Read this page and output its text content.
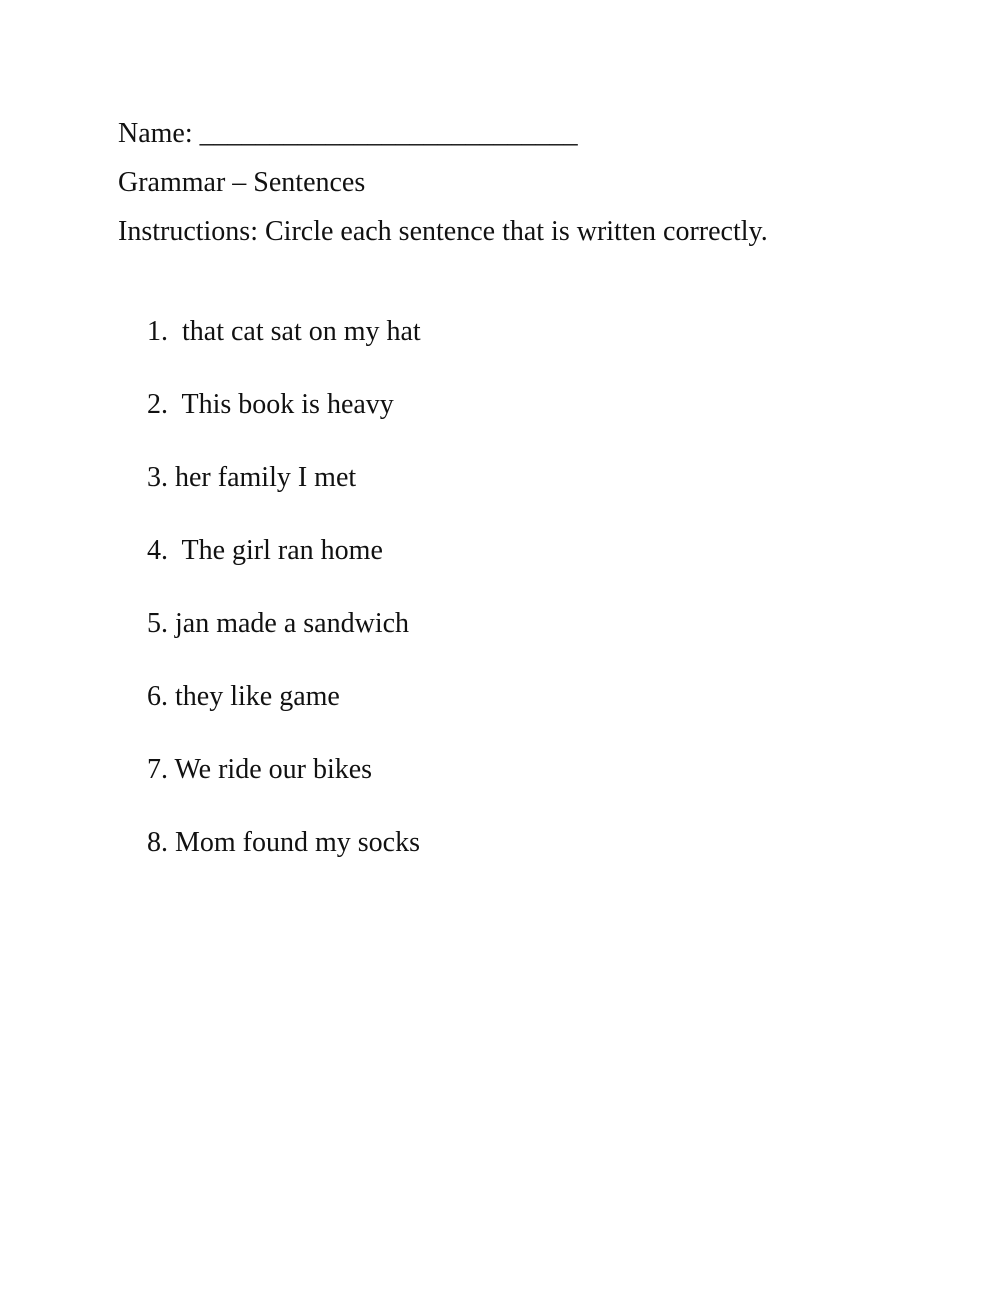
Name: ___________________________

Grammar – Sentences

Instructions: Circle each sentence that is written correctly.

1.  that cat sat on my hat
2.  This book is heavy
3. her family I met
4.  The girl ran home
5. jan made a sandwich
6. they like game
7. We ride our bikes
8. Mom found my socks
